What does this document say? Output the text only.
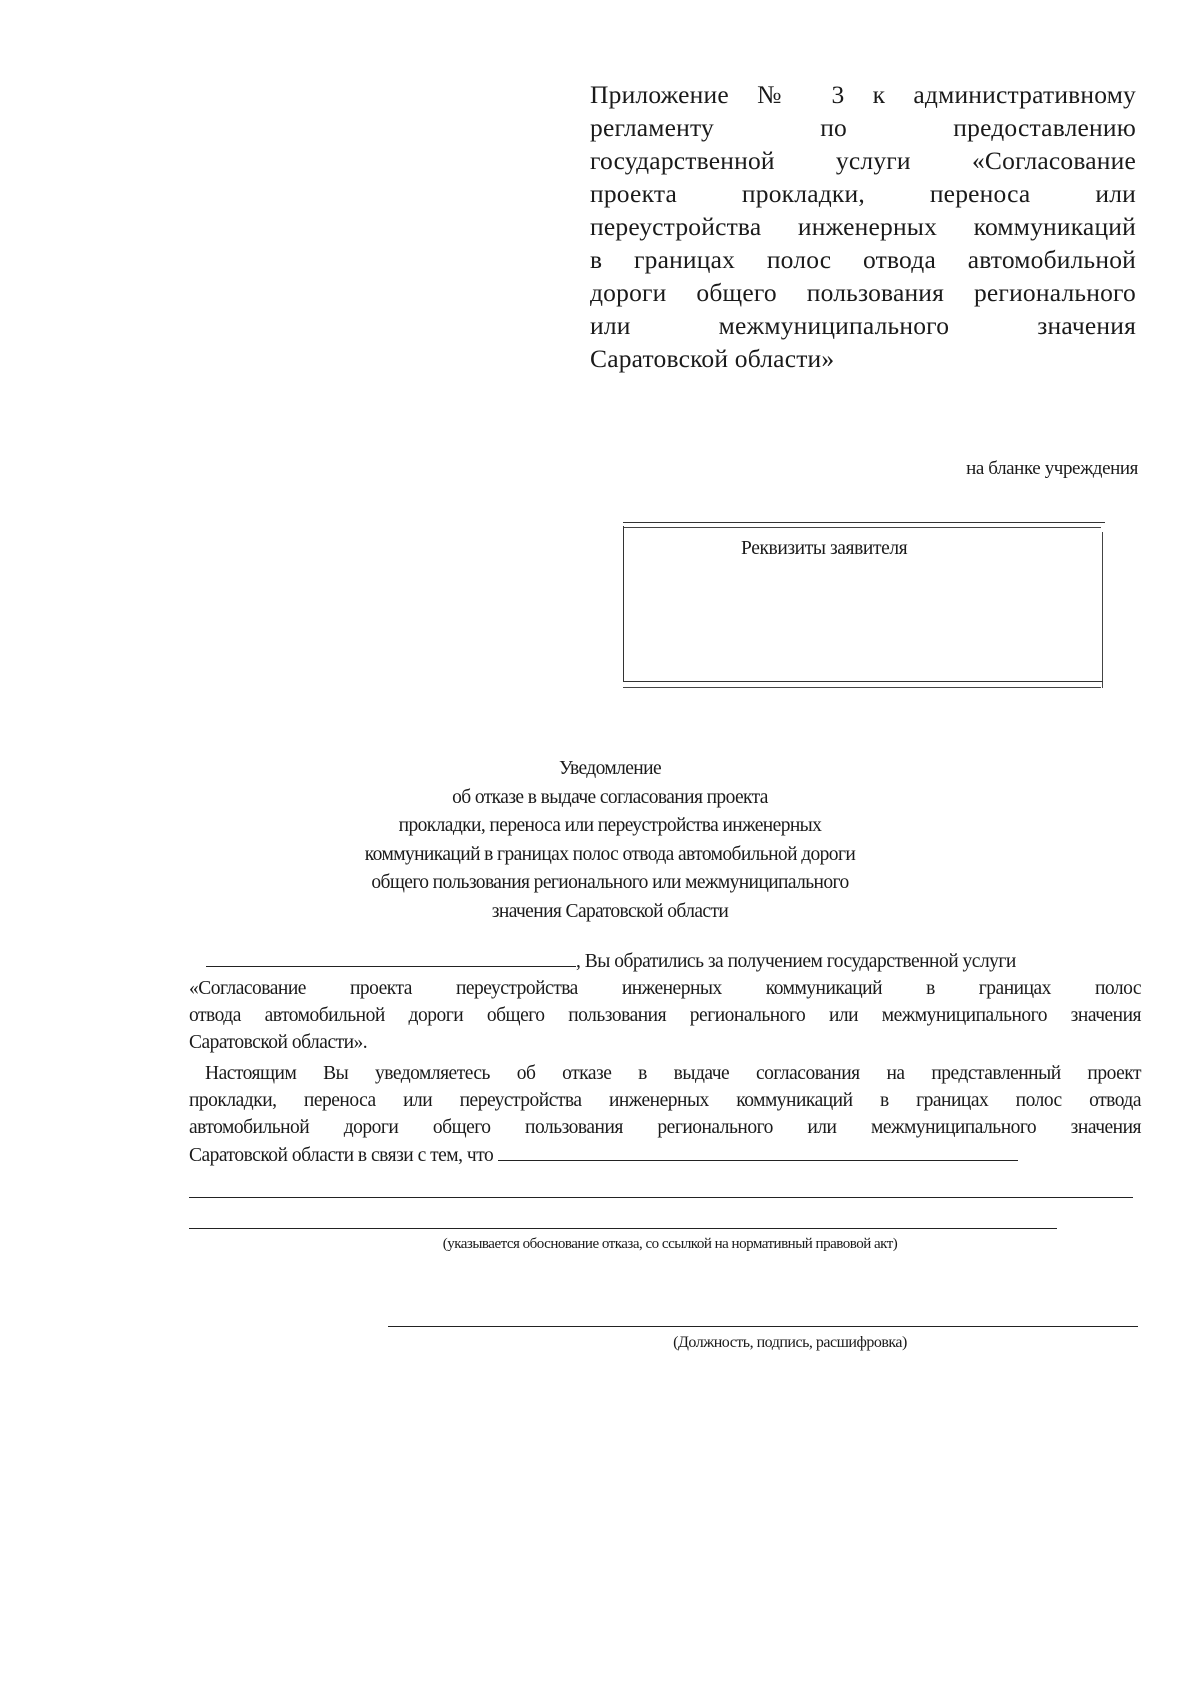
Приложение № 3 к административному
регламенту по предоставлению
государственной услуги «Согласование
проекта прокладки, переноса или
переустройства инженерных коммуникаций
в границах полос отвода автомобильной
дороги общего пользования регионального
или межмуниципального значения
Саратовской области»
на бланке учреждения
Реквизиты заявителя
Уведомление
об отказе в выдаче согласования проекта
прокладки, переноса или переустройства инженерных
коммуникаций в границах полос отвода автомобильной дороги
общего пользования регионального или межмуниципального
значения Саратовской области
, Вы обратились за получением государственной услуги
«Согласование проекта переустройства инженерных коммуникаций в границах полос
отвода автомобильной дороги общего пользования регионального или межмуниципального значения
Саратовской области».
Настоящим Вы уведомляетесь об отказе в выдаче согласования на представленный проект
прокладки, переноса или переустройства инженерных коммуникаций в границах полос отвода
автомобильной дороги общего пользования регионального или межмуниципального значения
Саратовской области в связи с тем, что
(указывается обоснование отказа, со ссылкой на нормативный правовой акт)
(Должность, подпись, расшифровка)
